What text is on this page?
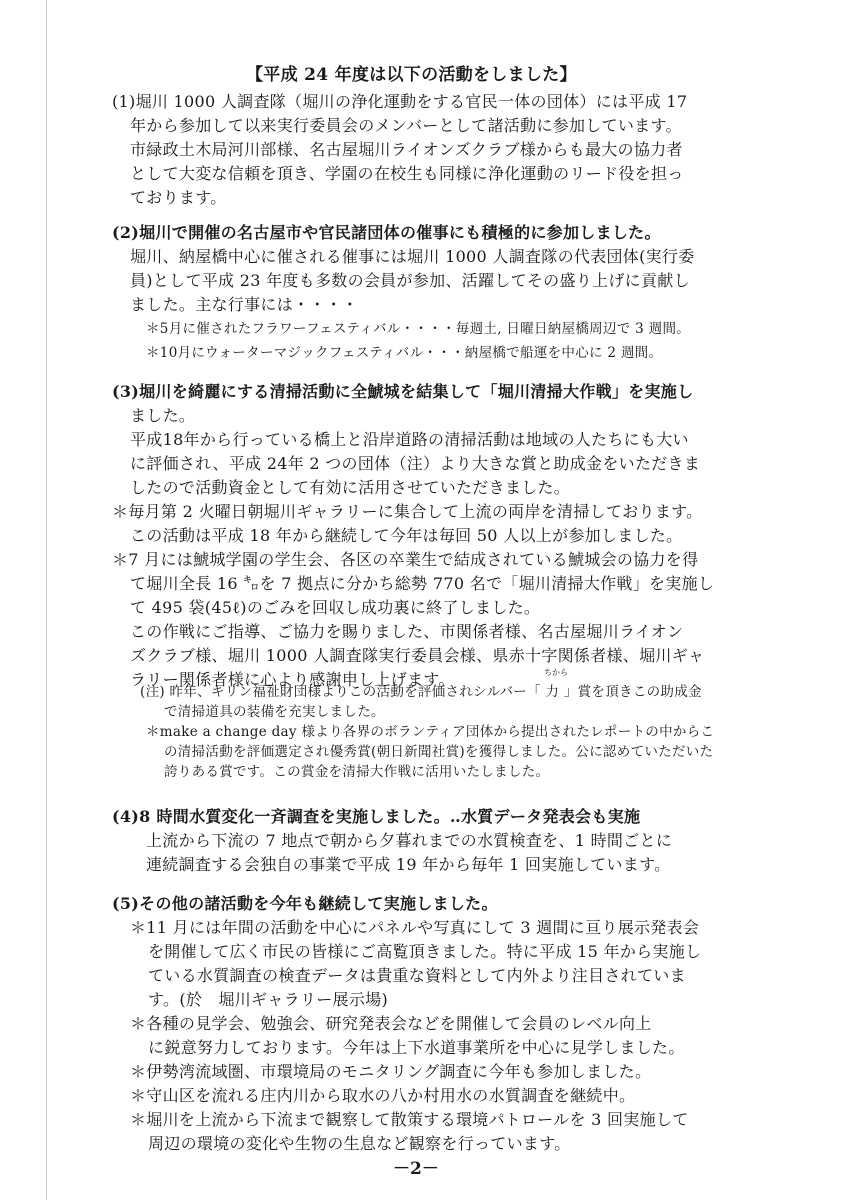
【平成 24 年度は以下の活動をしました】
(1)堀川 1000 人調査隊（堀川の浄化運動をする官民一体の団体）には平成 17
年から参加して以来実行委員会のメンバーとして諸活動に参加しています。
市緑政土木局河川部様、名古屋堀川ライオンズクラブ様からも最大の協力者
として大変な信頼を頂き、学園の在校生も同様に浄化運動のリード役を担っ
ております。
(2)堀川で開催の名古屋市や官民諸団体の催事にも積極的に参加しました。
堀川、納屋橋中心に催される催事には堀川 1000 人調査隊の代表団体(実行委
員)として平成 23 年度も多数の会員が参加、活躍してその盛り上げに貢献し
ました。主な行事には・・・・
＊5月に催されたフラワーフェスティバル・・・・毎週土, 日曜日納屋橋周辺で 3 週間。
＊10月にウォーターマジックフェスティバル・・・納屋橋で船運を中心に 2 週間。
(3)堀川を綺麗にする清掃活動に全鯱城を結集して「堀川清掃大作戦」を実施し
ました。
平成18年から行っている橋上と沿岸道路の清掃活動は地域の人たちにも大い
に評価され、平成 24年 2 つの団体（注）より大きな賞と助成金をいただきま
したので活動資金として有効に活用させていただきました。
＊毎月第 2 火曜日朝堀川ギャラリーに集合して上流の両岸を清掃しております。
この活動は平成 18 年から継続して今年は毎回 50 人以上が参加しました。
＊7 月には鯱城学園の学生会、各区の卒業生で結成されている鯱城会の協力を得
て堀川全長 16 ㌔を 7 拠点に分かち総勢 770 名で「堀川清掃大作戦」を実施し
て 495 袋(45ℓ)のごみを回収し成功裏に終了しました。
この作戦にご指導、ご協力を賜りました、市関係者様、名古屋堀川ライオン
ズクラブ様、堀川 1000 人調査隊実行委員会様、県赤十字関係者様、堀川ギャ
ラリー関係者様に心より感謝申し上げます。	ちから
(注) 昨年、キリン福祉財団様よりこの活動を評価されシルバー「 力 」賞を頂きこの助成金
で清掃道具の装備を充実しました。
＊make a change day 様より各界のボランティア団体から提出されたレポートの中からこ
の清掃活動を評価選定され優秀賞(朝日新聞社賞)を獲得しました。公に認めていただいた
誇りある賞です。この賞金を清掃大作戦に活用いたしました。
(4)8 時間水質変化一斉調査を実施しました。‥水質データ発表会も実施
上流から下流の 7 地点で朝から夕暮れまでの水質検査を、1 時間ごとに
連続調査する会独自の事業で平成 19 年から毎年 1 回実施しています。
(5)その他の諸活動を今年も継続して実施しました。
＊11 月には年間の活動を中心にパネルや写真にして 3 週間に亘り展示発表会
を開催して広く市民の皆様にご高覧頂きました。特に平成 15 年から実施し
ている水質調査の検査データは貴重な資料として内外より注目されていま
す。(於　堀川ギャラリー展示場)
＊各種の見学会、勉強会、研究発表会などを開催して会員のレベル向上
に鋭意努力しております。今年は上下水道事業所を中心に見学しました。
＊伊勢湾流域圏、市環境局のモニタリング調査に今年も参加しました。
＊守山区を流れる庄内川から取水の八か村用水の水質調査を継続中。
＊堀川を上流から下流まで観察して散策する環境パトロールを 3 回実施して
周辺の環境の変化や生物の生息など観察を行っています。
－2－
